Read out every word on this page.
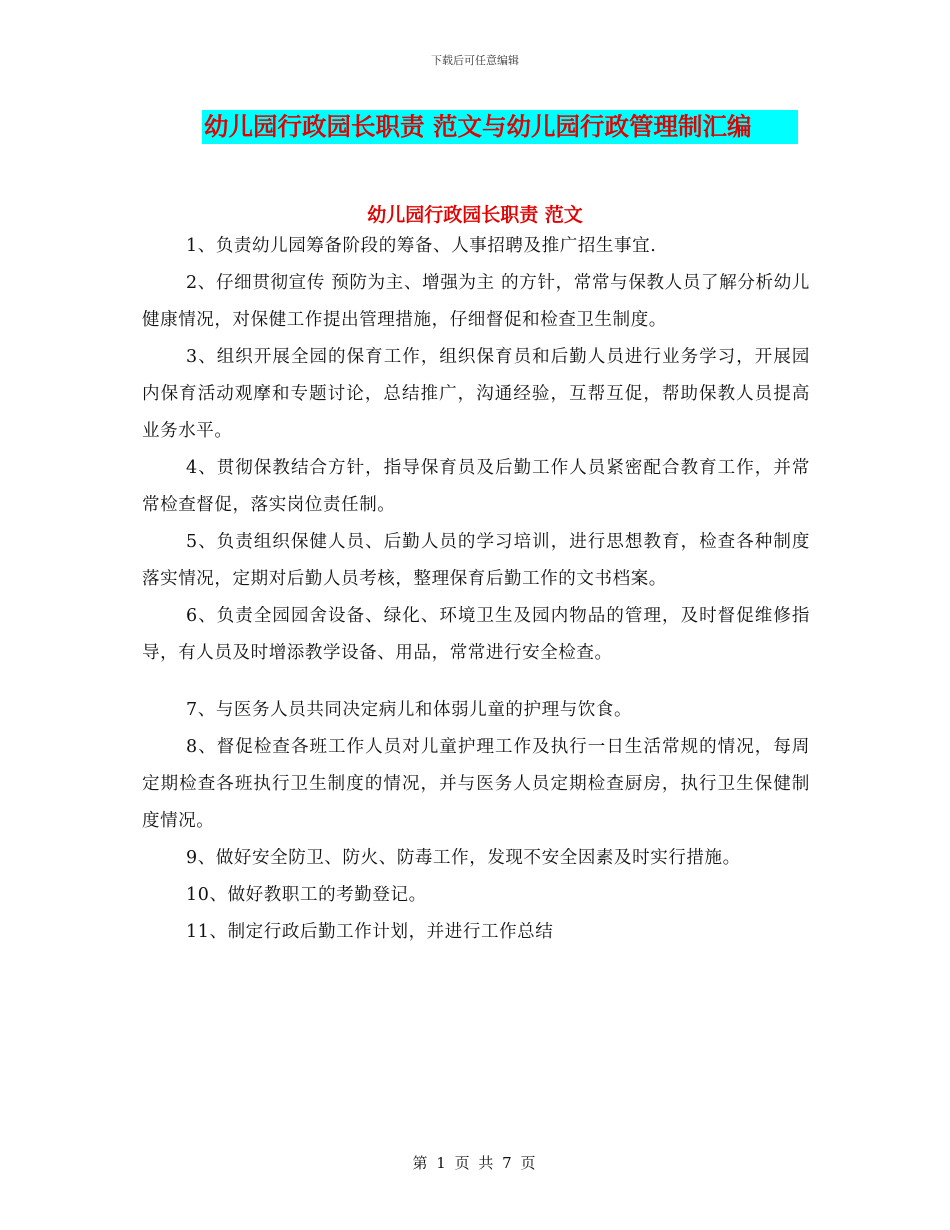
下载后可任意编辑
幼儿园行政园长职责 范文与幼儿园行政管理制汇编
幼儿园行政园长职责 范文

1、负责幼儿园筹备阶段的筹备、人事招聘及推广招生事宜.

2、仔细贯彻宣传 预防为主、增强为主 的方针，常常与保教人员了解分析幼儿健康情况，对保健工作提出管理措施，仔细督促和检查卫生制度。

3、组织开展全园的保育工作，组织保育员和后勤人员进行业务学习，开展园内保育活动观摩和专题讨论，总结推广，沟通经验，互帮互促，帮助保教人员提高业务水平。

4、贯彻保教结合方针，指导保育员及后勤工作人员紧密配合教育工作，并常常检查督促，落实岗位责任制。

5、负责组织保健人员、后勤人员的学习培训，进行思想教育，检查各种制度落实情况，定期对后勤人员考核，整理保育后勤工作的文书档案。

6、负责全园园舍设备、绿化、环境卫生及园内物品的管理，及时督促维修指导，有人员及时增添教学设备、用品，常常进行安全检查。

7、与医务人员共同决定病儿和体弱儿童的护理与饮食。

8、督促检查各班工作人员对儿童护理工作及执行一日生活常规的情况，每周定期检查各班执行卫生制度的情况，并与医务人员定期检查厨房，执行卫生保健制度情况。

9、做好安全防卫、防火、防毒工作，发现不安全因素及时实行措施。

10、做好教职工的考勤登记。

11、制定行政后勤工作计划，并进行工作总结

第 1 页 共 7 页
